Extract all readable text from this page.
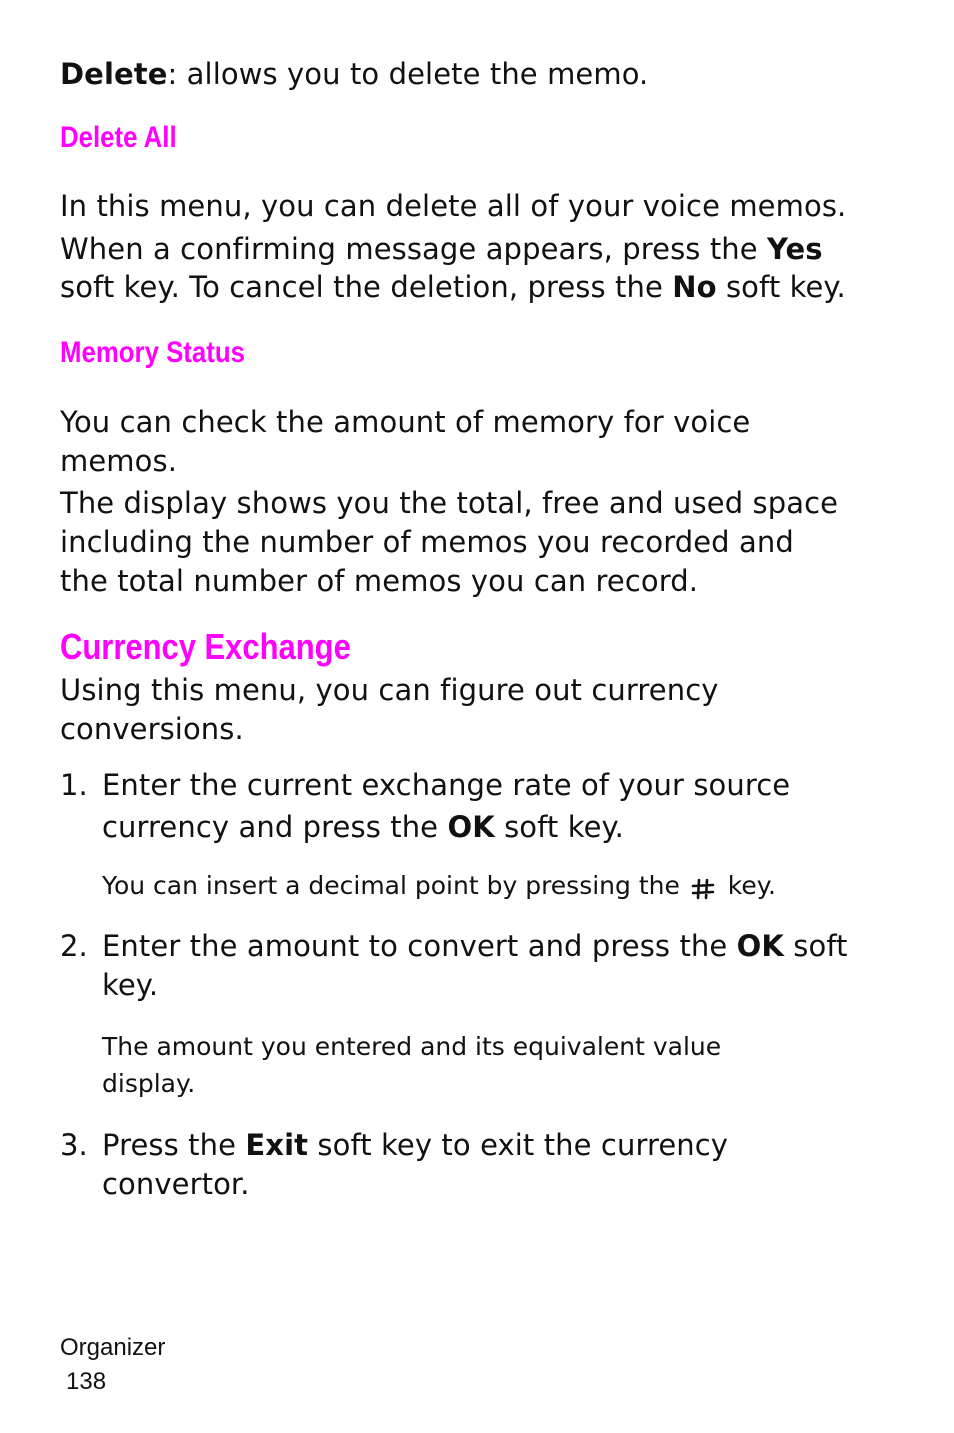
Delete: allows you to delete the memo.

Delete All

In this menu, you can delete all of your voice memos.

When a confirming message appears, press the Yes

soft key. To cancel the deletion, press the No soft key.

Memory Status

You can check the amount of memory for voice

memos.

The display shows you the total, free and used space

including the number of memos you recorded and

the total number of memos you can record.

Currency Exchange

Using this menu, you can figure out currency

conversions.

1. Enter the current exchange rate of your source

currency and press the OK soft key.

You can insert a decimal point by pressing the key.

2. Enter the amount to convert and press the OK soft

key.

The amount you entered and its equivalent value

display.

3. Press the Exit soft key to exit the currency

convertor.

Organizer

138
